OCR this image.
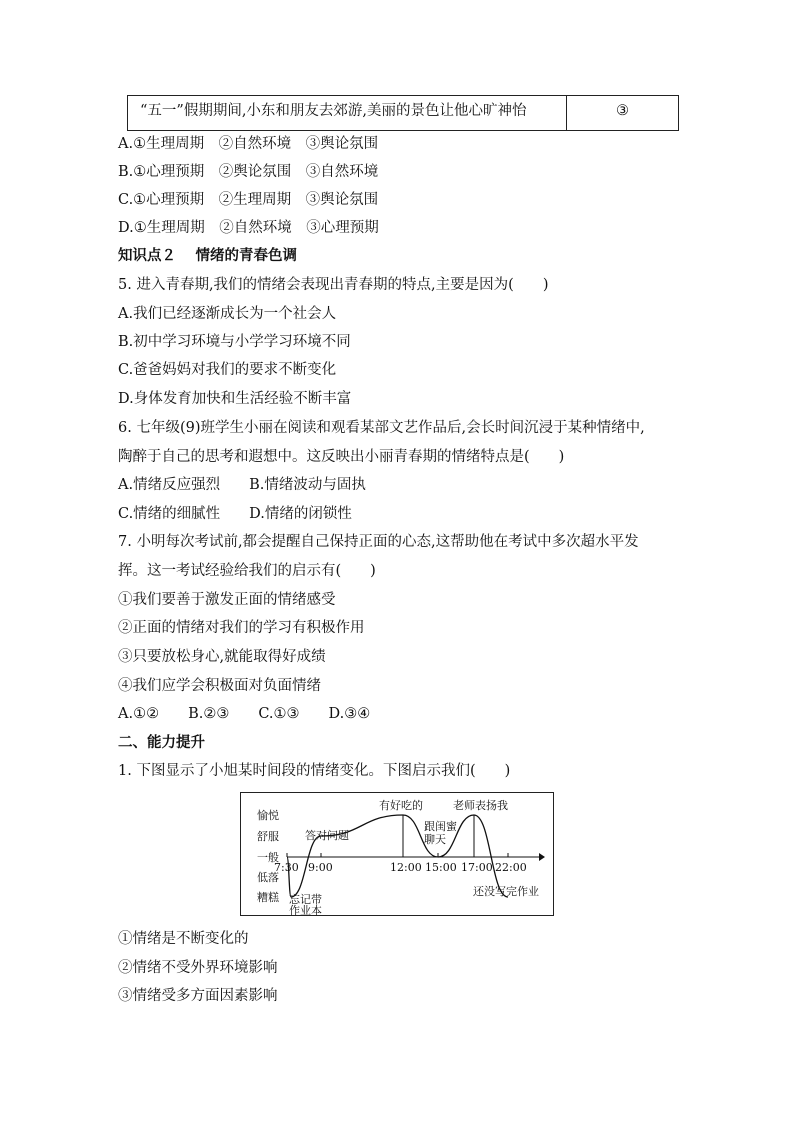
“五一”假期期间,小东和朋友去郊游,美丽的景色让他心旷神怡	③
A.①生理周期　②自然环境　③舆论氛围
B.①心理预期　②舆论氛围　③自然环境
C.①心理预期　②生理周期　③舆论氛围
D.①生理周期　②自然环境　③心理预期
知识点２　 情绪的青春色调
5. 进入青春期,我们的情绪会表现出青春期的特点,主要是因为(　　)
A.我们已经逐渐成长为一个社会人
B.初中学习环境与小学学习环境不同
C.爸爸妈妈对我们的要求不断变化
D.身体发育加快和生活经验不断丰富
6. 七年级(9)班学生小丽在阅读和观看某部文艺作品后,会长时间沉浸于某种情绪中,
陶醉于自己的思考和遐想中。这反映出小丽青春期的情绪特点是(　　)
A.情绪反应强烈　　B.情绪波动与固执
C.情绪的细腻性　　D.情绪的闭锁性
7. 小明每次考试前,都会提醒自己保持正面的心态,这帮助他在考试中多次超水平发
挥。这一考试经验给我们的启示有(　　)
①我们要善于激发正面的情绪感受
②正面的情绪对我们的学习有积极作用
③只要放松身心,就能取得好成绩
④我们应学会积极面对负面情绪
A.①②　　B.②③　　C.①③　　D.③④
二、能力提升
1. 下图显示了小旭某时间段的情绪变化。下图启示我们(　　)
愉悦
舒服
一般
低落
糟糕
7:30 9:00	12:00 15:00 17:00 22:00
忘记带
作业本
答对问题
有好吃的
跟闺蜜
聊天
老师表扬我
还没写完作业
①情绪是不断变化的
②情绪不受外界环境影响
③情绪受多方面因素影响
